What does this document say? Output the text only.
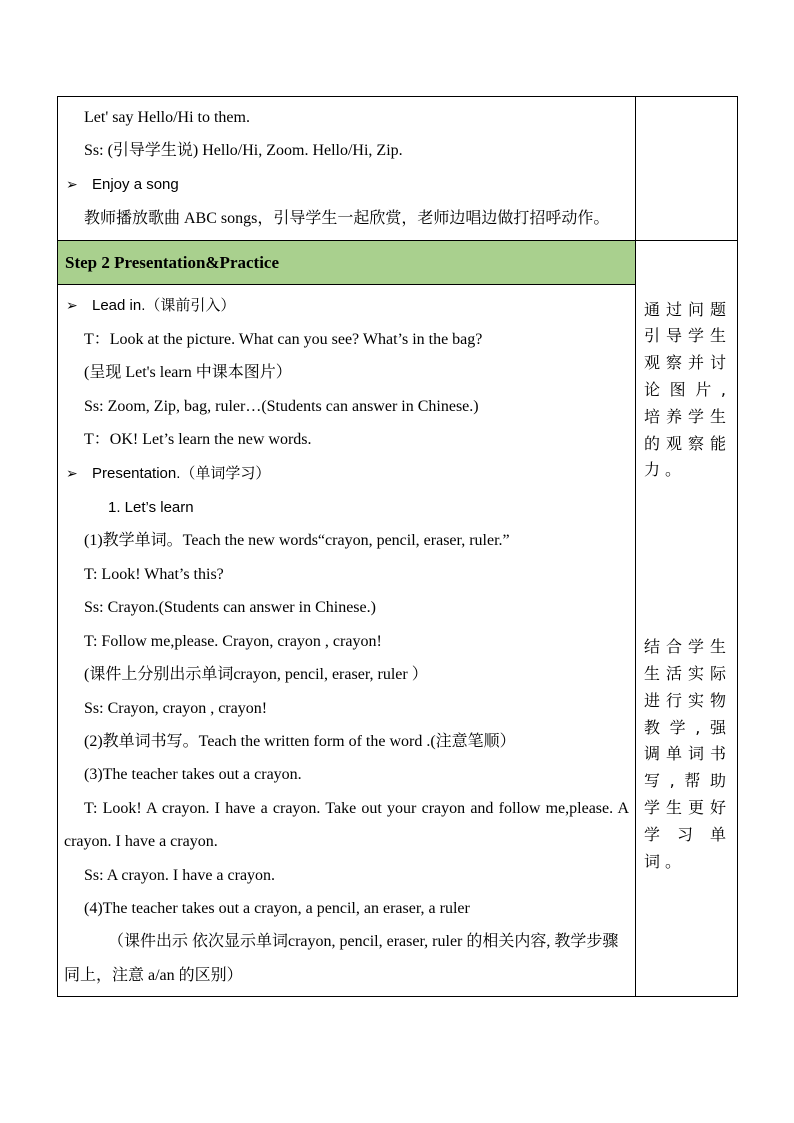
Let' say Hello/Hi to them.
Ss: (引导学生说) Hello/Hi, Zoom. Hello/Hi, Zip.
➢ Enjoy a song
教师播放歌曲 ABC songs，引导学生一起欣赏，老师边唱边做打招呼动作。
Step 2 Presentation&Practice
➢ Lead in.（课前引入）
T：Look at the picture. What can you see? What’s in the bag?
(呈现 Let's learn 中课本图片）
Ss: Zoom, Zip, bag, ruler…(Students can answer in Chinese.)
T：OK! Let’s learn the new words.
➢ Presentation.（单词学习）
1. Let’s learn
(1)教学单词。Teach the new words“crayon, pencil, eraser, ruler.”
T: Look! What’s this?
Ss: Crayon.(Students can answer in Chinese.)
T: Follow me,please. Crayon, crayon , crayon!
(课件上分别出示单词crayon, pencil, eraser, ruler ）
Ss: Crayon, crayon , crayon!
(2)教单词书写。Teach the written form of the word .(注意笔顺）
(3)The teacher takes out a crayon.
T: Look! A crayon. I have a crayon. Take out your crayon and follow me,please. A crayon. I have a crayon.
Ss: A crayon. I have a crayon.
(4)The teacher takes out a crayon, a pencil, an eraser, a ruler
（课件出示 依次显示单词crayon, pencil, eraser, ruler 的相关内容, 教学步骤同上，注意 a/an 的区别）
通过问题引导学生观察并讨论图片,培养学生的观察能力。
结合学生生活实际进行实物教学,强调单词书写,帮助学生更好学习单词。
